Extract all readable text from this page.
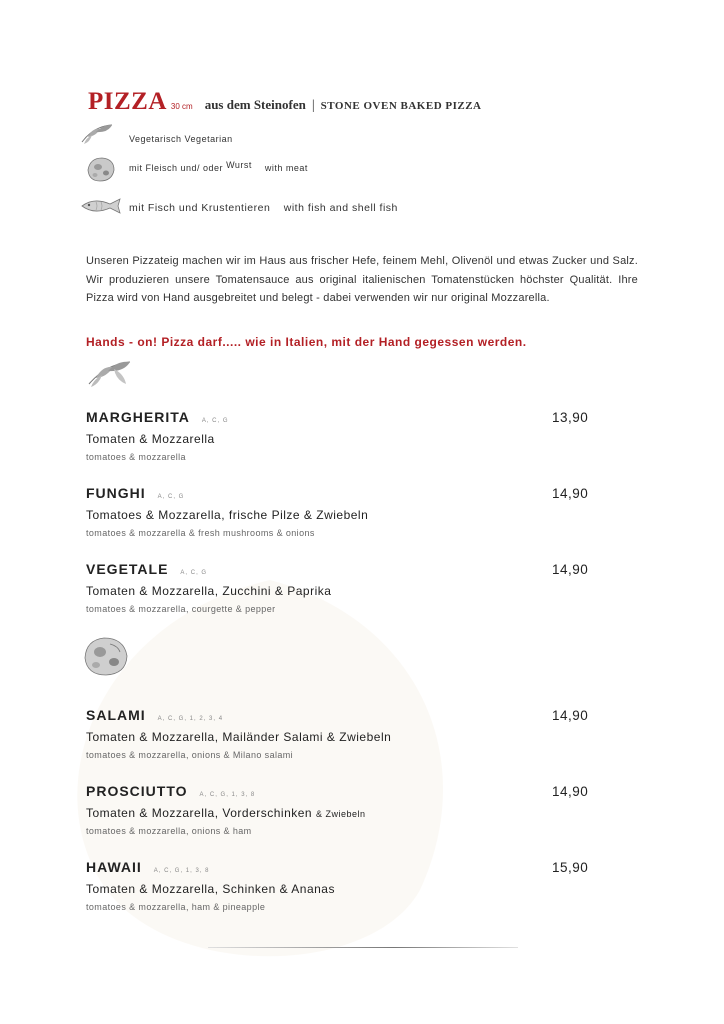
PIZZA 30 cm aus dem Steinofen | STONE OVEN BAKED PIZZA
Vegetarisch Vegetarian
mit Fleisch und/ oder Wurst with meat
mit Fisch und Krustentieren with fish and shell fish
Unseren Pizzateig machen wir im Haus aus frischer Hefe, feinem Mehl, Olivenöl und etwas Zucker und Salz. Wir produzieren unsere Tomatensauce aus original italienischen Tomatenstücken höchster Qualität. Ihre Pizza wird von Hand ausgebreitet und belegt - dabei verwenden wir nur original Mozzarella.
Hands - on! Pizza darf..... wie in Italien, mit der Hand gegessen werden.
MARGHERITA A, C, G	13,90
Tomaten & Mozzarella
tomatoes & mozzarella
FUNGHI A, C, G	14,90
Tomatoes & Mozzarella, frische Pilze & Zwiebeln
tomatoes & mozzarella & fresh mushrooms & onions
VEGETALE A, C, G	14,90
Tomaten & Mozzarella, Zucchini & Paprika
tomatoes & mozzarella, courgette & pepper
SALAMI A, C, G, 1, 2, 3, 4	14,90
Tomaten & Mozzarella, Mailänder Salami & Zwiebeln
tomatoes & mozzarella, onions & Milano salami
PROSCIUTTO A, C, G, 1, 3, 8	14,90
Tomaten & Mozzarella, Vorderschinken & Zwiebeln
tomatoes & mozzarella, onions & ham
HAWAII A, C, G, 1, 3, 8	15,90
Tomaten & Mozzarella, Schinken & Ananas
tomatoes & mozzarella, ham & pineapple
